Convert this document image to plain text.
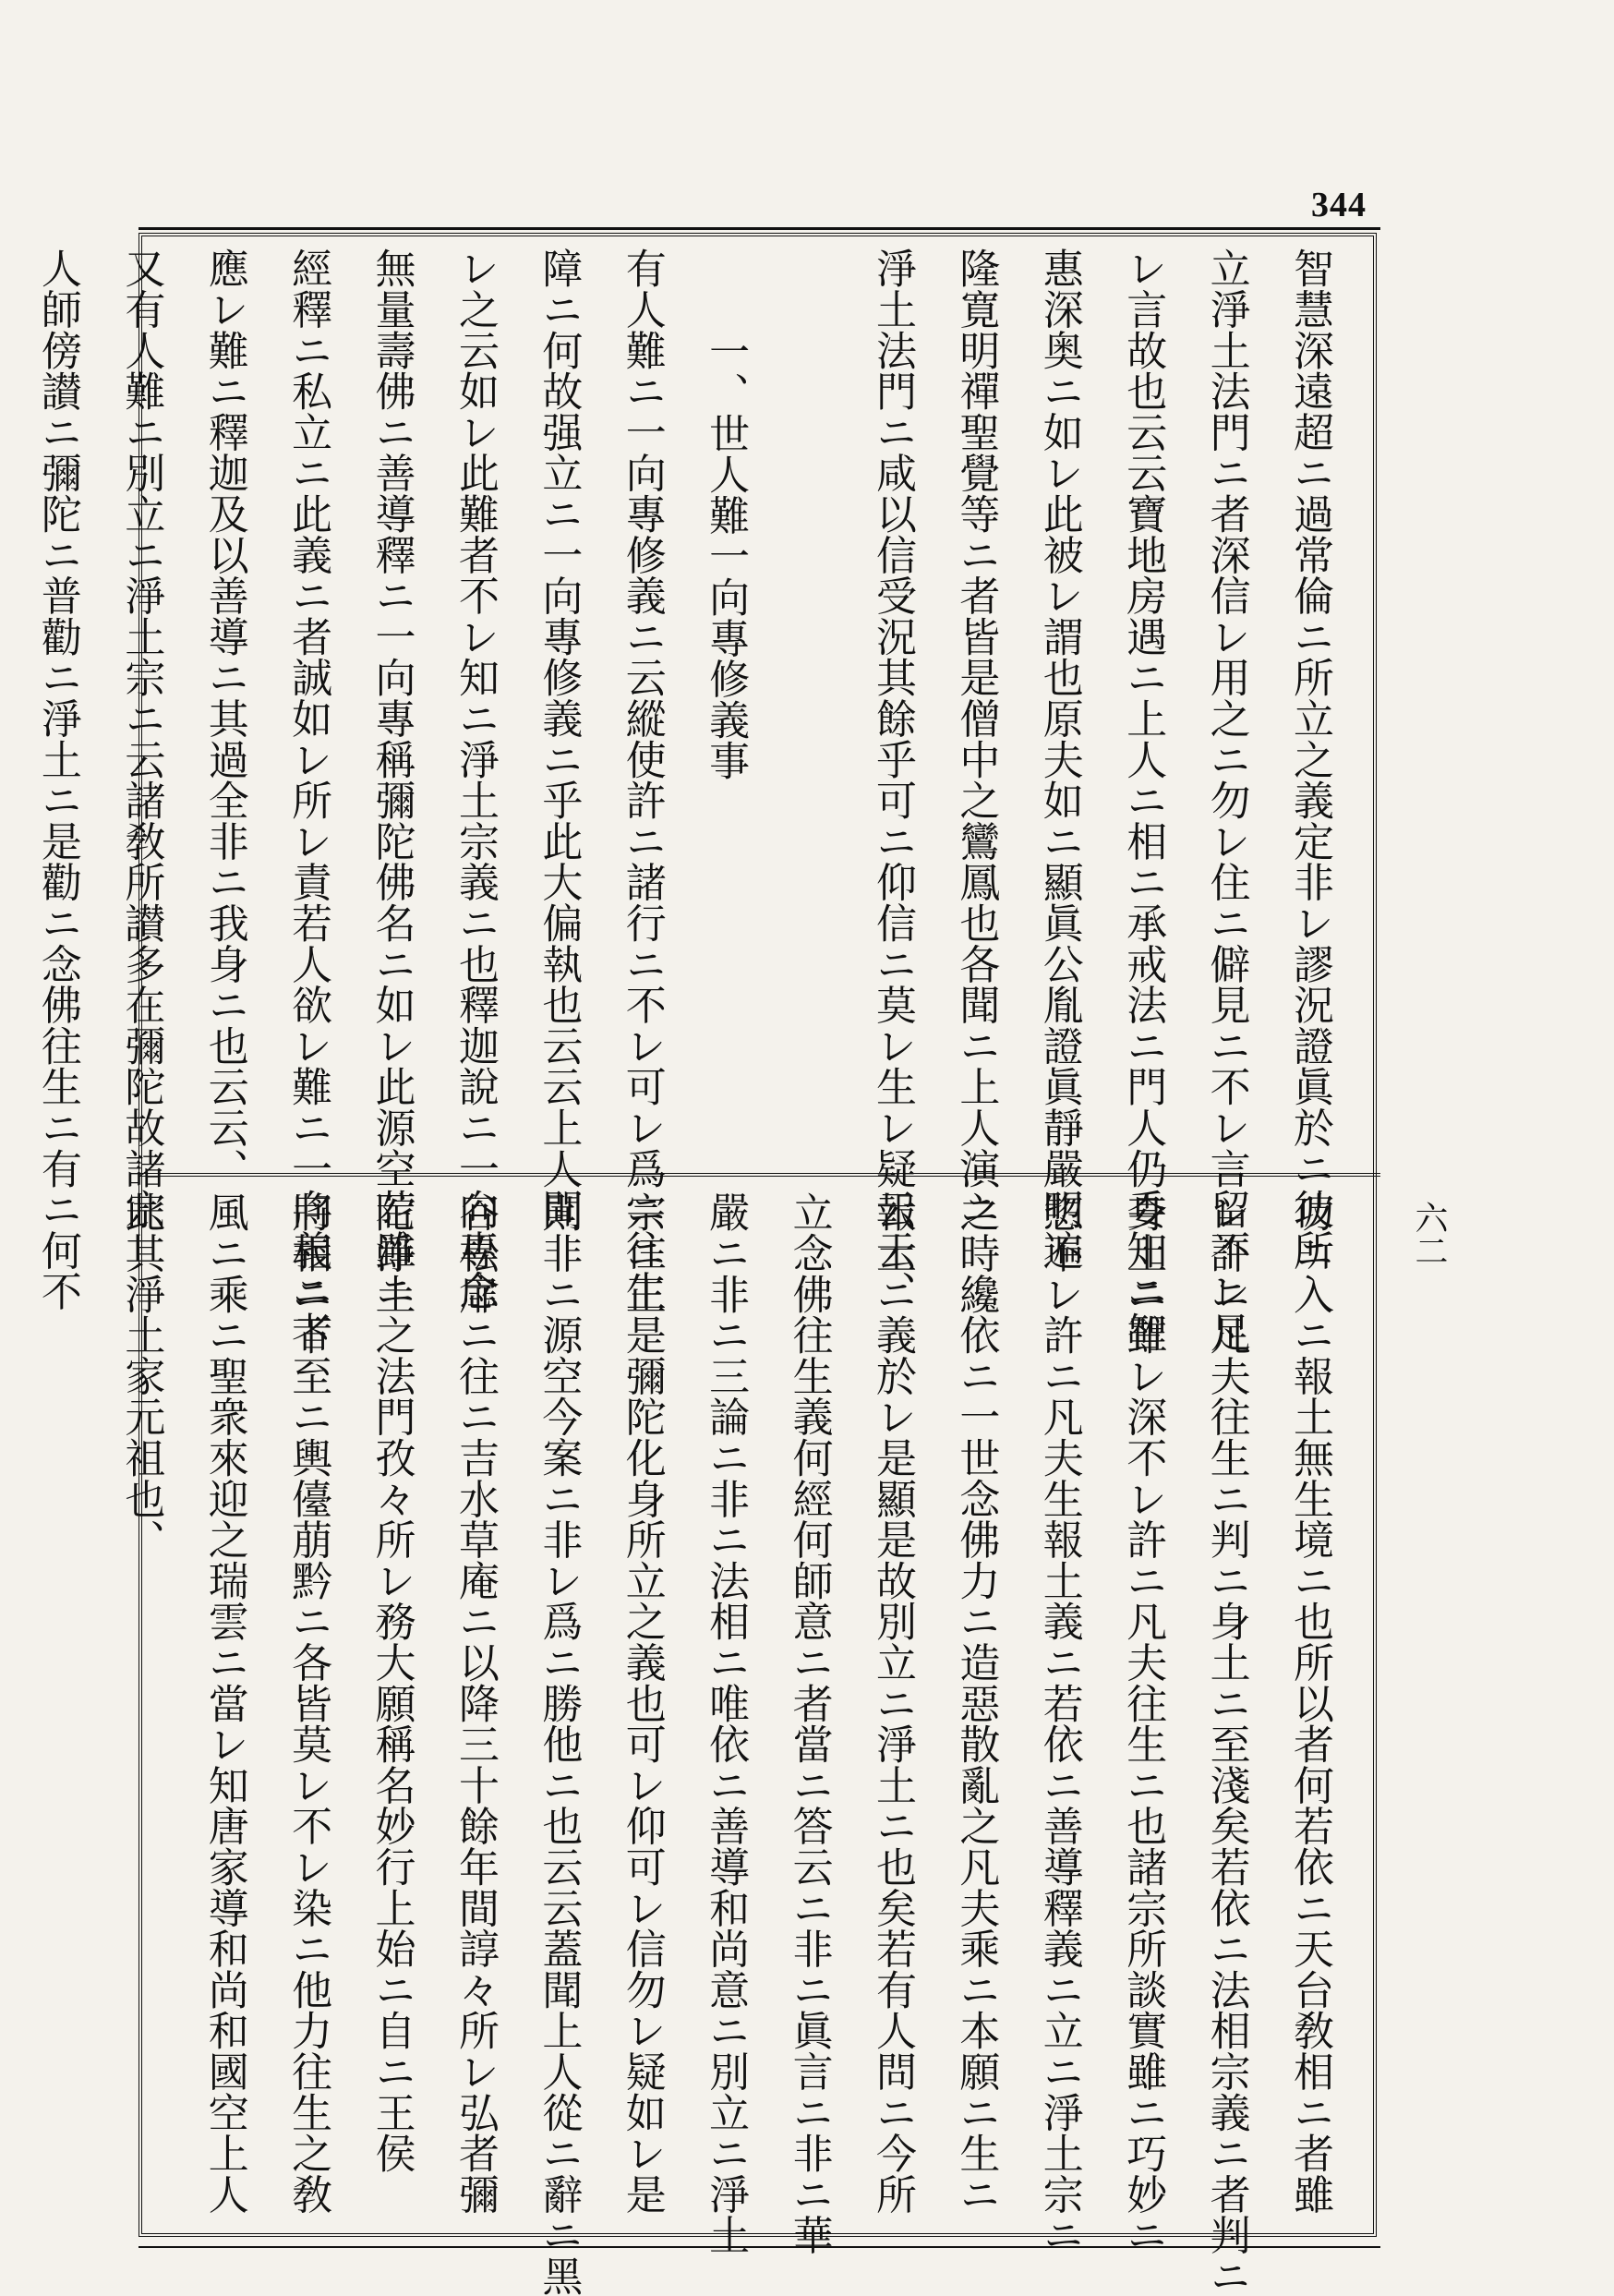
344
智慧深遠超ニ過常倫ニ所立之義定非レ謬況證眞於ニ彼所
立淨土法門ニ者深信レ用之ニ勿レ住ニ僻見ニ不レ言留不レ足
レ言故也云云寶地房遇ニ上人ニ相ニ承戒法ニ門人仍委知ニ智
惠深奥ニ如レ此被レ謂也原夫如ニ顯眞公胤證眞靜嚴明遍
隆寛明禪聖覺等ニ者皆是僧中之鸞鳳也各聞ニ上人演ニ
淨土法門ニ咸以信受況其餘乎可ニ仰信ニ莫レ生レ疑云云、
一、世人難一向專修義事
有人難ニ一向專修義ニ云縱使許ニ諸行ニ不レ可レ爲ニ往生
障ニ何故强立ニ一向專修義ニ乎此大偏執也云云上人聞
レ之云如レ此難者不レ知ニ淨土宗義ニ也釋迦說ニ一向專念
無量壽佛ニ善導釋ニ一向專稱彌陀佛名ニ如レ此源空若雖ニ
經釋ニ私立ニ此義ニ者誠如レ所レ責若人欲レ難ニ一向義ニ者
應レ難ニ釋迦及以善導ニ其過全非ニ我身ニ也云云、
又有人難ニ別立ニ淨土宗ニ云諸敎所讃多在彌陀故諸宗
人師傍讃ニ彌陀ニ普勸ニ淨土ニ是勸ニ念佛往生ニ有ニ何不
功ニ入ニ報土無生境ニ也所以者何若依ニ天台敎相ニ者雖
レ許ニ凡夫往生ニ判ニ身土ニ至淺矣若依ニ法相宗義ニ者判ニ
身土ニ雖レ深不レ許ニ凡夫往生ニ也諸宗所談實雖ニ巧妙ニ
惣不レ許ニ凡夫生報土義ニ若依ニ善導釋義ニ立ニ淨土宗ニ
之時纔依ニ一世念佛力ニ造惡散亂之凡夫乘ニ本願ニ生ニ
報土ニ義於レ是顯是故別立ニ淨土ニ也矣若有人問ニ今所
立念佛往生義何經何師意ニ者當ニ答云ニ非ニ眞言ニ非ニ華
嚴ニ非ニ三論ニ非ニ法相ニ唯依ニ善導和尚意ニ別立ニ淨土
宗ニ正是彌陀化身所立之義也可レ仰可レ信勿レ疑如レ是
則非ニ源空今案ニ非レ爲ニ勝他ニ也云云蓋聞上人從ニ辭ニ黑
谷松扉ニ往ニ吉水草庵ニ以降三十餘年間諄々所レ弘者彌
陀淨土之法門孜々所レ務大願稱名妙行上始ニ自ニ王侯
將相ニ下至ニ輿儓萠黔ニ各皆莫レ不レ染ニ他力往生之敎
風ニ乘ニ聖衆來迎之瑞雲ニ當レ知唐家導和尚和國空上人
此其淨土家元祖也、	六二
